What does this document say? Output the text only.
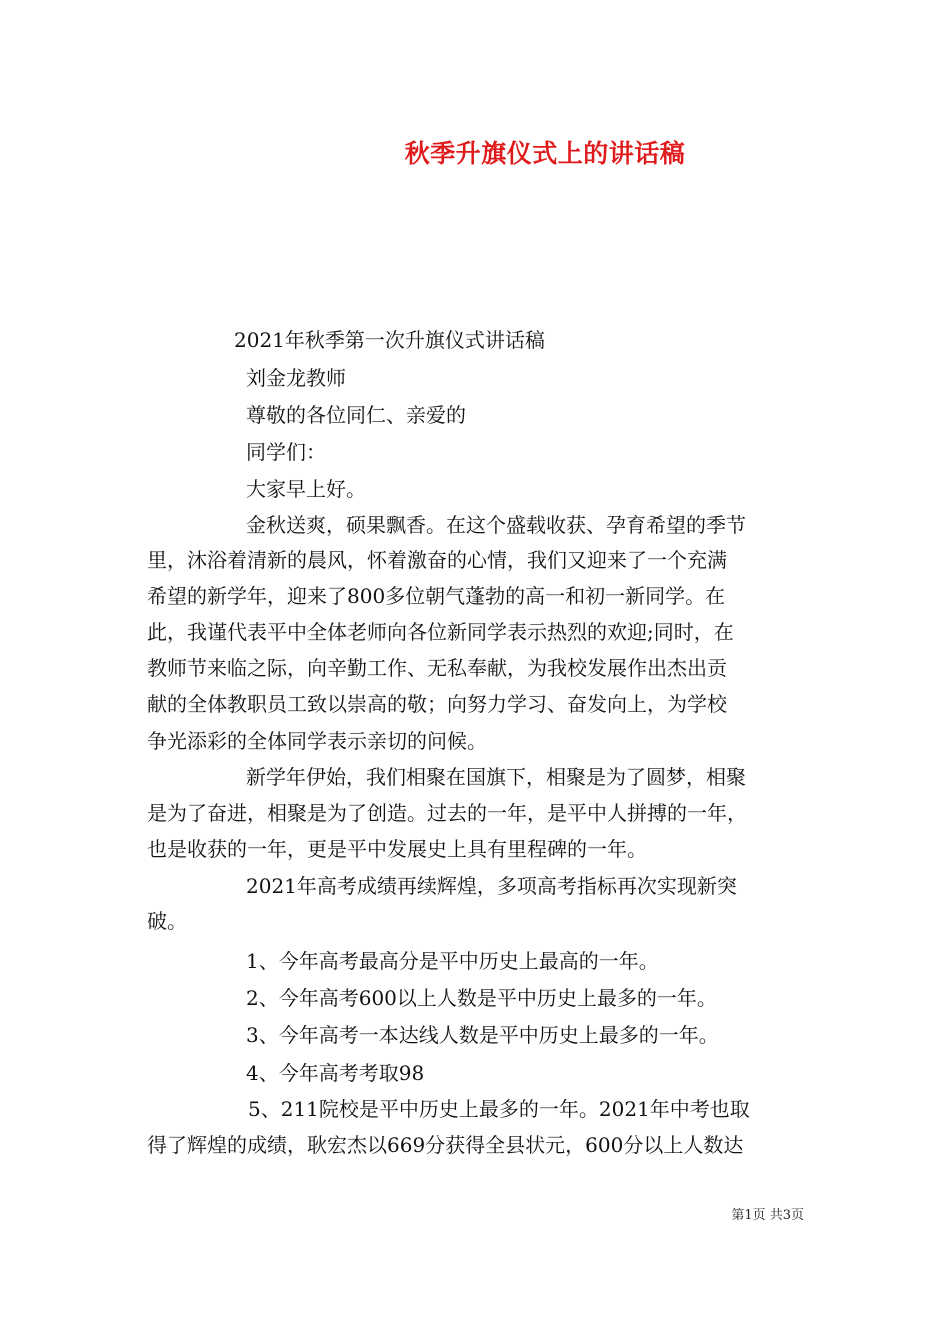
秋季升旗仪式上的讲话稿
2021年秋季第一次升旗仪式讲话稿
刘金龙教师
尊敬的各位同仁、亲爱的
同学们：
大家早上好。
金秋送爽，硕果飘香。在这个盛载收获、孕育希望的季节
里，沐浴着清新的晨风，怀着激奋的心情，我们又迎来了一个充满
希望的新学年，迎来了800多位朝气蓬勃的高一和初一新同学。在
此，我谨代表平中全体老师向各位新同学表示热烈的欢迎;同时，在
教师节来临之际，向辛勤工作、无私奉献，为我校发展作出杰出贡
献的全体教职员工致以崇高的敬；向努力学习、奋发向上，为学校
争光添彩的全体同学表示亲切的问候。
新学年伊始，我们相聚在国旗下，相聚是为了圆梦，相聚
是为了奋进，相聚是为了创造。过去的一年，是平中人拼搏的一年，
也是收获的一年，更是平中发展史上具有里程碑的一年。
2021年高考成绩再续辉煌，多项高考指标再次实现新突
破。
1、今年高考最高分是平中历史上最高的一年。
2、今年高考600以上人数是平中历史上最多的一年。
3、今年高考一本达线人数是平中历史上最多的一年。
4、今年高考考取98
5、211院校是平中历史上最多的一年。2021年中考也取
得了辉煌的成绩，耿宏杰以669分获得全县状元，600分以上人数达
第1页 共3页
